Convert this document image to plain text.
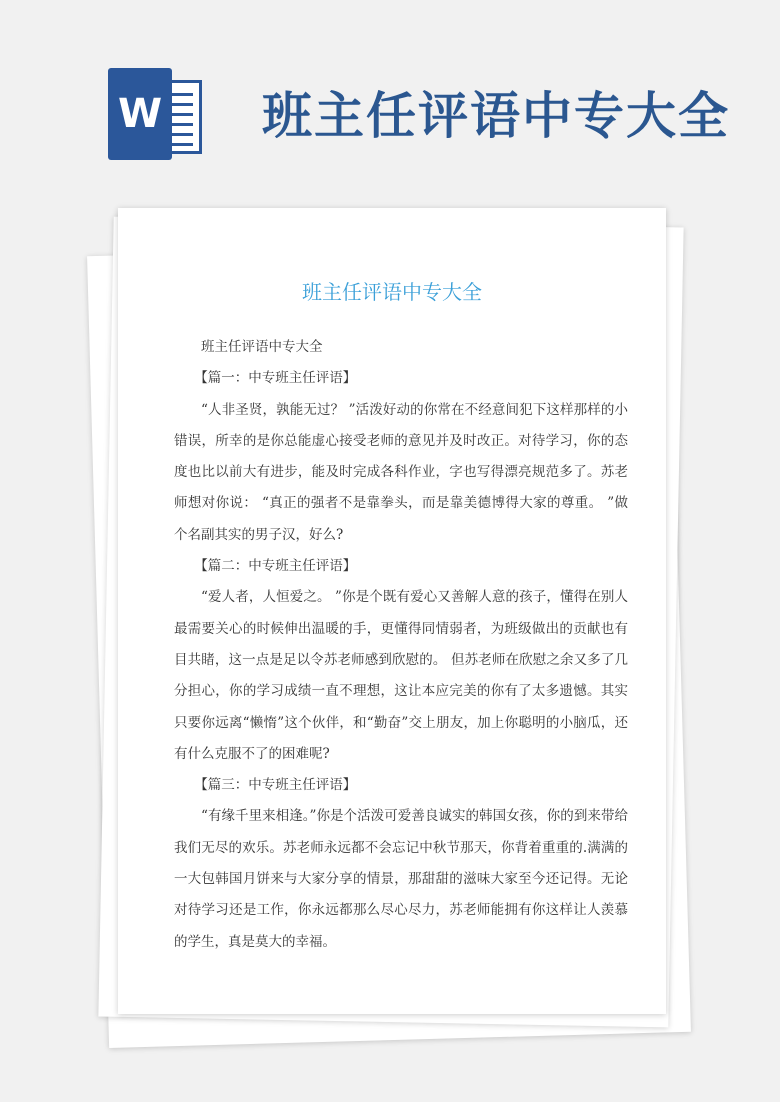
W 班主任评语中专大全
班主任评语中专大全

班主任评语中专大全

【篇一：中专班主任评语】

“人非圣贤，孰能无过？ ”活泼好动的你常在不经意间犯下这样那样的小错误，所幸的是你总能虚心接受老师的意见并及时改正。对待学习，你的态度也比以前大有进步，能及时完成各科作业，字也写得漂亮规范多了。苏老师想对你说： “真正的强者不是靠拳头，而是靠美德博得大家的尊重。 ”做个名副其实的男子汉，好么?

【篇二：中专班主任评语】

“爱人者，人恒爱之。 ”你是个既有爱心又善解人意的孩子，懂得在别人最需要关心的时候伸出温暖的手，更懂得同情弱者，为班级做出的贡献也有目共睹，这一点是足以令苏老师感到欣慰的。 但苏老师在欣慰之余又多了几分担心，你的学习成绩一直不理想，这让本应完美的你有了太多遗憾。其实只要你远离“懒惰”这个伙伴，和“勤奋”交上朋友，加上你聪明的小脑瓜，还有什么克服不了的困难呢?

【篇三：中专班主任评语】

“有缘千里来相逢。”你是个活泼可爱善良诚实的韩国女孩，你的到来带给我们无尽的欢乐。苏老师永远都不会忘记中秋节那天，你背着重重的.满满的一大包韩国月饼来与大家分享的情景，那甜甜的滋味大家至今还记得。无论对待学习还是工作，你永远都那么尽心尽力，苏老师能拥有你这样让人羡慕的学生，真是莫大的幸福。
